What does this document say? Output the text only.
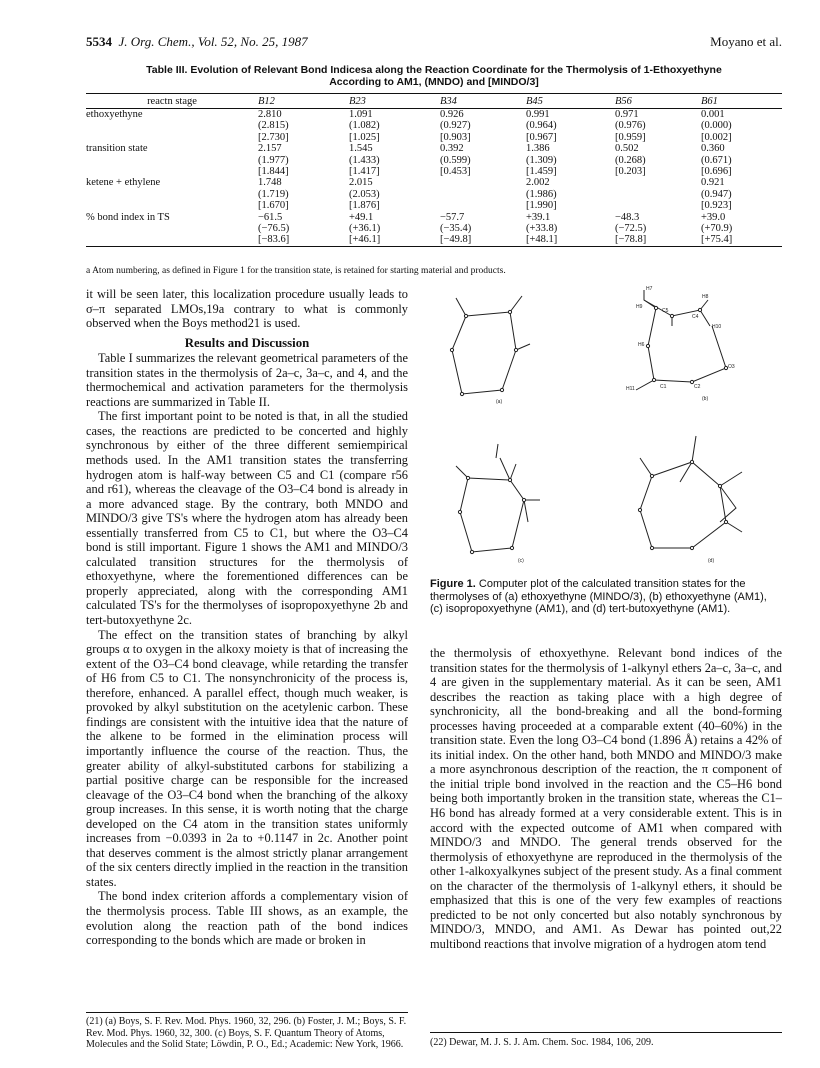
5534 J. Org. Chem., Vol. 52, No. 25, 1987	Moyano et al.
Table III. Evolution of Relevant Bond Indicesa along the Reaction Coordinate for the Thermolysis of 1-Ethoxyethyne
According to AM1, (MNDO) and [MINDO/3]
reactn stage	B12	B23	B34	B45	B56	B61
ethoxyethyne	2.810	1.091	0.926	0.991	0.971	0.001
	(2.815)	(1.082)	(0.927)	(0.964)	(0.976)	(0.000)
	[2.730]	[1.025]	[0.903]	[0.967]	[0.959]	[0.002]
transition state	2.157	1.545	0.392	1.386	0.502	0.360
	(1.977)	(1.433)	(0.599)	(1.309)	(0.268)	(0.671)
	[1.844]	[1.417]	[0.453]	[1.459]	[0.203]	[0.696]
ketene + ethylene	1.748	2.015		2.002		0.921
	(1.719)	(2.053)		(1.986)		(0.947)
	[1.670]	[1.876]		[1.990]		[0.923]
% bond index in TS	−61.5	+49.1	−57.7	+39.1	−48.3	+39.0
	(−76.5)	(+36.1)	(−35.4)	(+33.8)	(−72.5)	(+70.9)
	[−83.6]	[+46.1]	[−49.8]	[+48.1]	[−78.8]	[+75.4]
a Atom numbering, as defined in Figure 1 for the transition state, is retained for starting material and products.

it will be seen later, this localization procedure usually leads to σ–π separated LMOs,19a contrary to what is commonly observed when the Boys method21 is used.

Results and Discussion

Table I summarizes the relevant geometrical parameters of the transition states in the thermolysis of 2a–c, 3a–c, and 4, and the thermochemical and activation parameters for the thermolysis reactions are summarized in Table II.

The first important point to be noted is that, in all the studied cases, the reactions are predicted to be concerted and highly synchronous by either of the three different semiempirical methods used. In the AM1 transition states the transferring hydrogen atom is half-way between C5 and C1 (compare r56 and r61), whereas the cleavage of the O3–C4 bond is already in a more advanced stage. By the contrary, both MNDO and MINDO/3 give TS's where the hydrogen atom has already been essentially transferred from C5 to C1, but where the O3–C4 bond is still important. Figure 1 shows the AM1 and MINDO/3 calculated transition structures for the thermolysis of ethoxyethyne, where the forementioned differences can be properly appreciated, along with the corresponding AM1 calculated TS's for the thermolyses of isopropoxyethyne 2b and tert-butoxyethyne 2c.

The effect on the transition states of branching by alkyl groups α to oxygen in the alkoxy moiety is that of increasing the extent of the O3–C4 bond cleavage, while retarding the transfer of H6 from C5 to C1. The nonsynchronicity of the process is, therefore, enhanced. A parallel effect, though much weaker, is provoked by alkyl substitution on the acetylenic carbon. These findings are consistent with the intuitive idea that the nature of the alkene to be formed in the elimination process will importantly influence the course of the reaction. Thus, the greater ability of alkyl-substituted carbons for stabilizing a partial positive charge can be responsible for the increased cleavage of the O3–C4 bond when the branching of the alkoxy group increases. In this sense, it is worth noting that the charge developed on the C4 atom in the transition states uniformly increases from −0.0393 in 2a to +0.1147 in 2c. Another point that deserves comment is the almost strictly planar arrangement of the six centers directly implied in the reaction in the transition states.

The bond index criterion affords a complementary vision of the thermolysis process. Table III shows, as an example, the evolution along the reaction path of the bond indices corresponding to the bonds which are made or broken in

(21) (a) Boys, S. F. Rev. Mod. Phys. 1960, 32, 296. (b) Foster, J. M.; Boys, S. F. Rev. Mod. Phys. 1960, 32, 300. (c) Boys, S. F. Quantum Theory of Atoms, Molecules and the Solid State; Löwdin, P. O., Ed.; Academic: New York, 1966.
(a)
H7
H8
H9
C5
C4
H10
H6
O3
H11	C1	C2
(b)
(c)	(d)
Figure 1. Computer plot of the calculated transition states for the thermolyses of (a) ethoxyethyne (MINDO/3), (b) ethoxyethyne (AM1), (c) isopropoxyethyne (AM1), and (d) tert-butoxyethyne (AM1).

the thermolysis of ethoxyethyne. Relevant bond indices of the transition states for the thermolysis of 1-alkynyl ethers 2a–c, 3a–c, and 4 are given in the supplementary material. As it can be seen, AM1 describes the reaction as taking place with a high degree of synchronicity, all the bond-breaking and all the bond-forming processes having proceeded at a comparable extent (40–60%) in the transition state. Even the long O3–C4 bond (1.896 Å) retains a 42% of its initial index. On the other hand, both MNDO and MINDO/3 make a more asynchronous description of the reaction, the π component of the initial triple bond involved in the reaction and the C5–H6 bond being both importantly broken in the transition state, whereas the C1–H6 bond has already formed at a very considerable extent. This is in accord with the expected outcome of AM1 when compared with MINDO/3 and MNDO. The general trends observed for the thermolysis of ethoxyethyne are reproduced in the thermolysis of the other 1-alkoxyalkynes subject of the present study. As a final comment on the character of the thermolysis of 1-alkynyl ethers, it should be emphasized that this is one of the very few examples of reactions predicted to be not only concerted but also notably synchronous by MINDO/3, MNDO, and AM1. As Dewar has pointed out,22 multibond reactions that involve migration of a hydrogen atom tend

(22) Dewar, M. J. S. J. Am. Chem. Soc. 1984, 106, 209.
